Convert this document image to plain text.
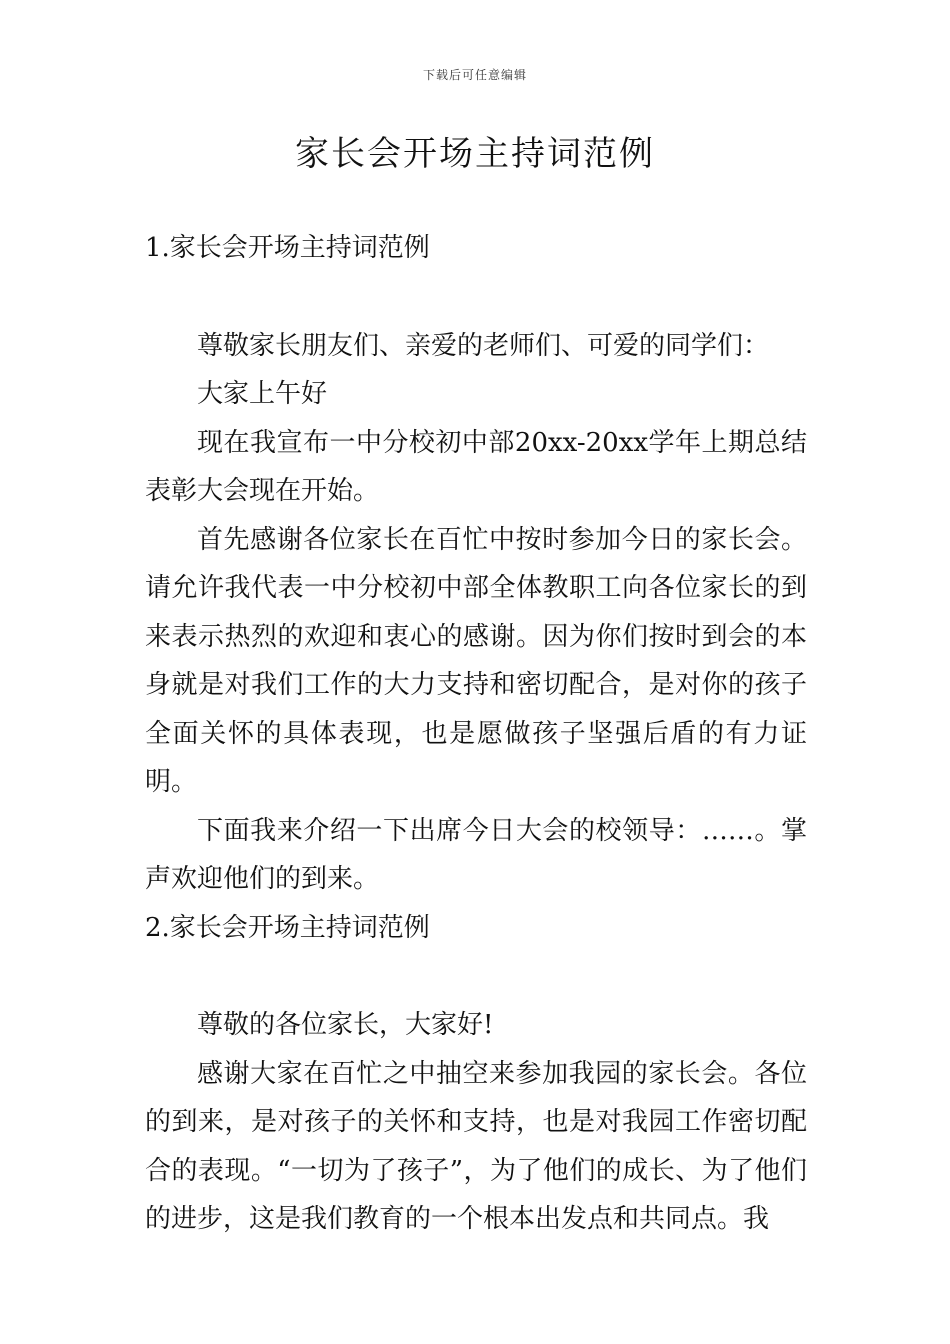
下载后可任意编辑
家长会开场主持词范例

1.家长会开场主持词范例

尊敬家长朋友们、亲爱的老师们、可爱的同学们：

大家上午好

现在我宣布一中分校初中部20xx-20xx学年上期总结表彰大会现在开始。

首先感谢各位家长在百忙中按时参加今日的家长会。请允许我代表一中分校初中部全体教职工向各位家长的到来表示热烈的欢迎和衷心的感谢。因为你们按时到会的本身就是对我们工作的大力支持和密切配合，是对你的孩子全面关怀的具体表现，也是愿做孩子坚强后盾的有力证明。

下面我来介绍一下出席今日大会的校领导：……。掌声欢迎他们的到来。

2.家长会开场主持词范例

尊敬的各位家长，大家好!

感谢大家在百忙之中抽空来参加我园的家长会。各位的到来，是对孩子的关怀和支持，也是对我园工作密切配合的表现。“一切为了孩子”，为了他们的成长、为了他们的进步，这是我们教育的一个根本出发点和共同点。我
